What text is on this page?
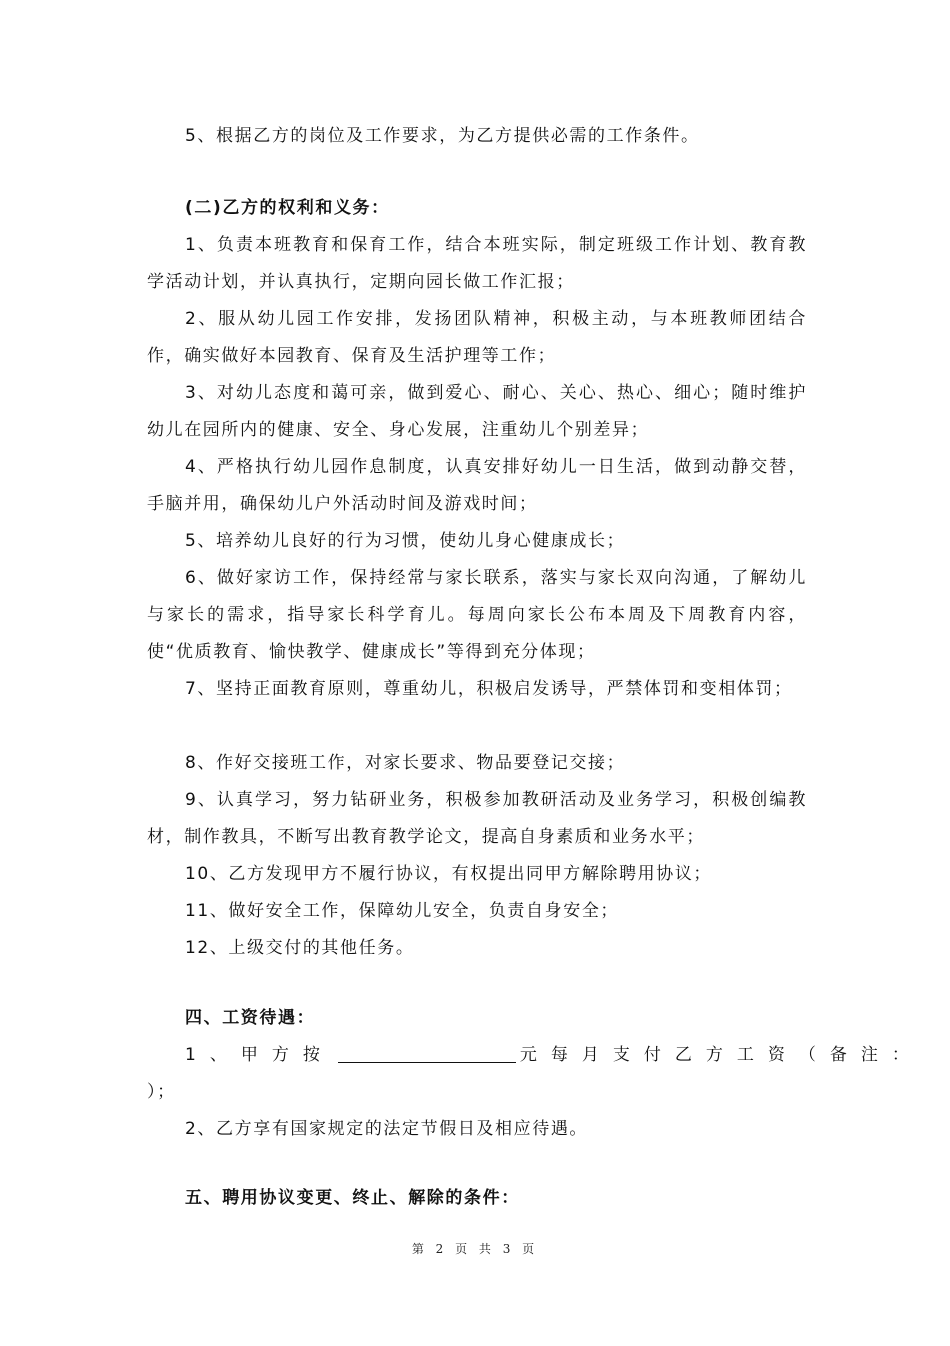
5、根据乙方的岗位及工作要求，为乙方提供必需的工作条件。

(二)乙方的权利和义务：

1、负责本班教育和保育工作，结合本班实际，制定班级工作计划、教育教学活动计划，并认真执行，定期向园长做工作汇报；

2、服从幼儿园工作安排，发扬团队精神，积极主动，与本班教师团结合作，确实做好本园教育、保育及生活护理等工作；

3、对幼儿态度和蔼可亲，做到爱心、耐心、关心、热心、细心；随时维护幼儿在园所内的健康、安全、身心发展，注重幼儿个别差异；

4、严格执行幼儿园作息制度，认真安排好幼儿一日生活，做到动静交替，手脑并用，确保幼儿户外活动时间及游戏时间；

5、培养幼儿良好的行为习惯，使幼儿身心健康成长；

6、做好家访工作，保持经常与家长联系，落实与家长双向沟通，了解幼儿与家长的需求，指导家长科学育儿。每周向家长公布本周及下周教育内容，使“优质教育、愉快教学、健康成长”等得到充分体现；

7、坚持正面教育原则，尊重幼儿，积极启发诱导，严禁体罚和变相体罚；

8、作好交接班工作，对家长要求、物品要登记交接；

9、认真学习，努力钻研业务，积极参加教研活动及业务学习，积极创编教材，制作教具，不断写出教育教学论文，提高自身素质和业务水平；

10、乙方发现甲方不履行协议，有权提出同甲方解除聘用协议；

11、做好安全工作，保障幼儿安全，负责自身安全；

12、上级交付的其他任务。

四、工资待遇：

1、甲方按	元每月支付乙方工资（备注：

）；

2、乙方享有国家规定的法定节假日及相应待遇。

五、聘用协议变更、终止、解除的条件：

第 2 页 共 3 页
